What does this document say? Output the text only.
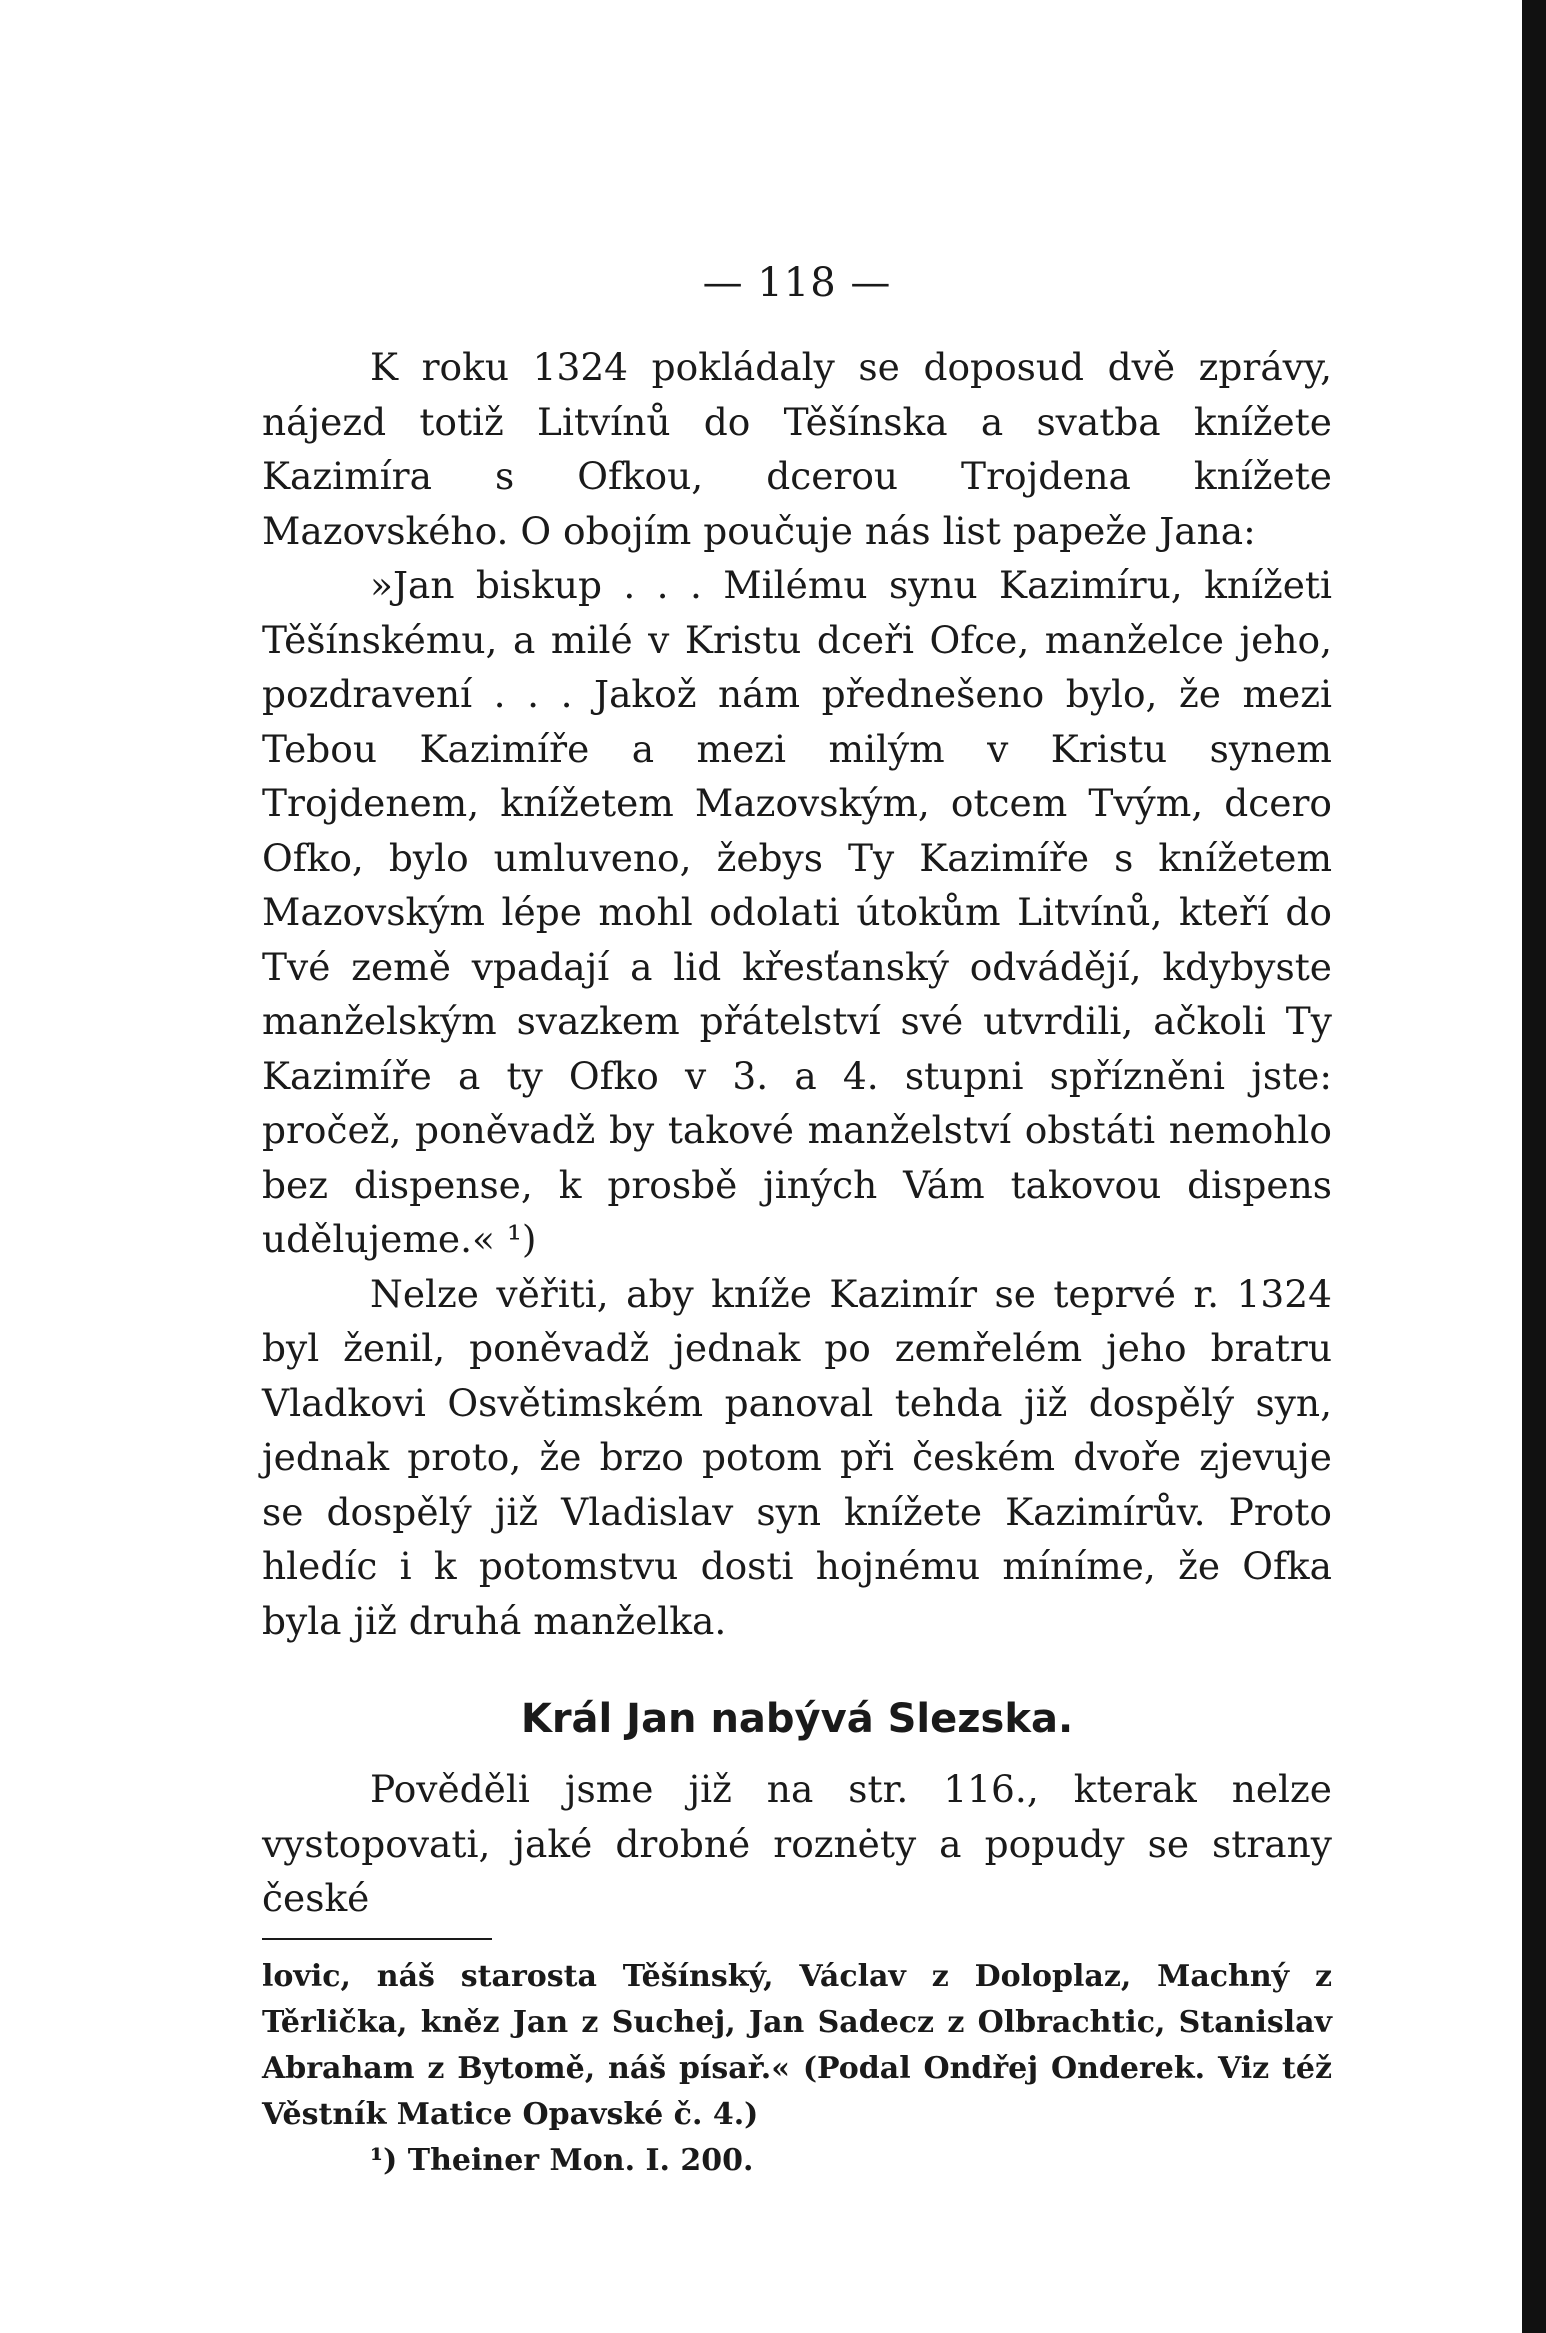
— 118 —

K roku 1324 pokládaly se doposud dvě zprávy, nájezd totiž Litvínů do Těšínska a svatba knížete Kazimíra s Ofkou, dcerou Trojdena knížete Mazovského. O obojím poučuje nás list papeže Jana:

»Jan biskup . . . Milému synu Kazimíru, knížeti Těšínskému, a milé v Kristu dceři Ofce, manželce jeho, pozdravení . . . Jakož nám přednešeno bylo, že mezi Tebou Kazimíře a mezi milým v Kristu synem Trojdenem, knížetem Mazovským, otcem Tvým, dcero Ofko, bylo umluveno, žebys Ty Kazimíře s knížetem Mazovským lépe mohl odolati útokům Litvínů, kteří do Tvé země vpadají a lid křesťanský odvádějí, kdybyste manželským svazkem přátelství své utvrdili, ačkoli Ty Kazimíře a ty Ofko v 3. a 4. stupni spřízněni jste: pročež, poněvadž by takové manželství obstáti nemohlo bez dispense, k prosbě jiných Vám takovou dispens udělujeme.« ¹)

Nelze věřiti, aby kníže Kazimír se teprvé r. 1324 byl ženil, poněvadž jednak po zemřelém jeho bratru Vladkovi Osvětimském panoval tehda již dospělý syn, jednak proto, že brzo potom při českém dvoře zjevuje se dospělý již Vladislav syn knížete Kazimírův. Proto hledíc i k potomstvu dosti hojnému míníme, že Ofka byla již druhá manželka.

Král Jan nabývá Slezska.

Pověděli jsme již na str. 116., kterak nelze vystopovati, jaké drobné roznėty a popudy se strany české

lovic, náš starosta Těšínský, Václav z Doloplaz, Machný z Těrlička, kněz Jan z Suchej, Jan Sadecz z Olbrachtic, Stanislav Abraham z Bytomě, náš písař.« (Podal Ondřej Onderek. Viz též Věstník Matice Opavské č. 4.)

¹) Theiner Mon. I. 200.
